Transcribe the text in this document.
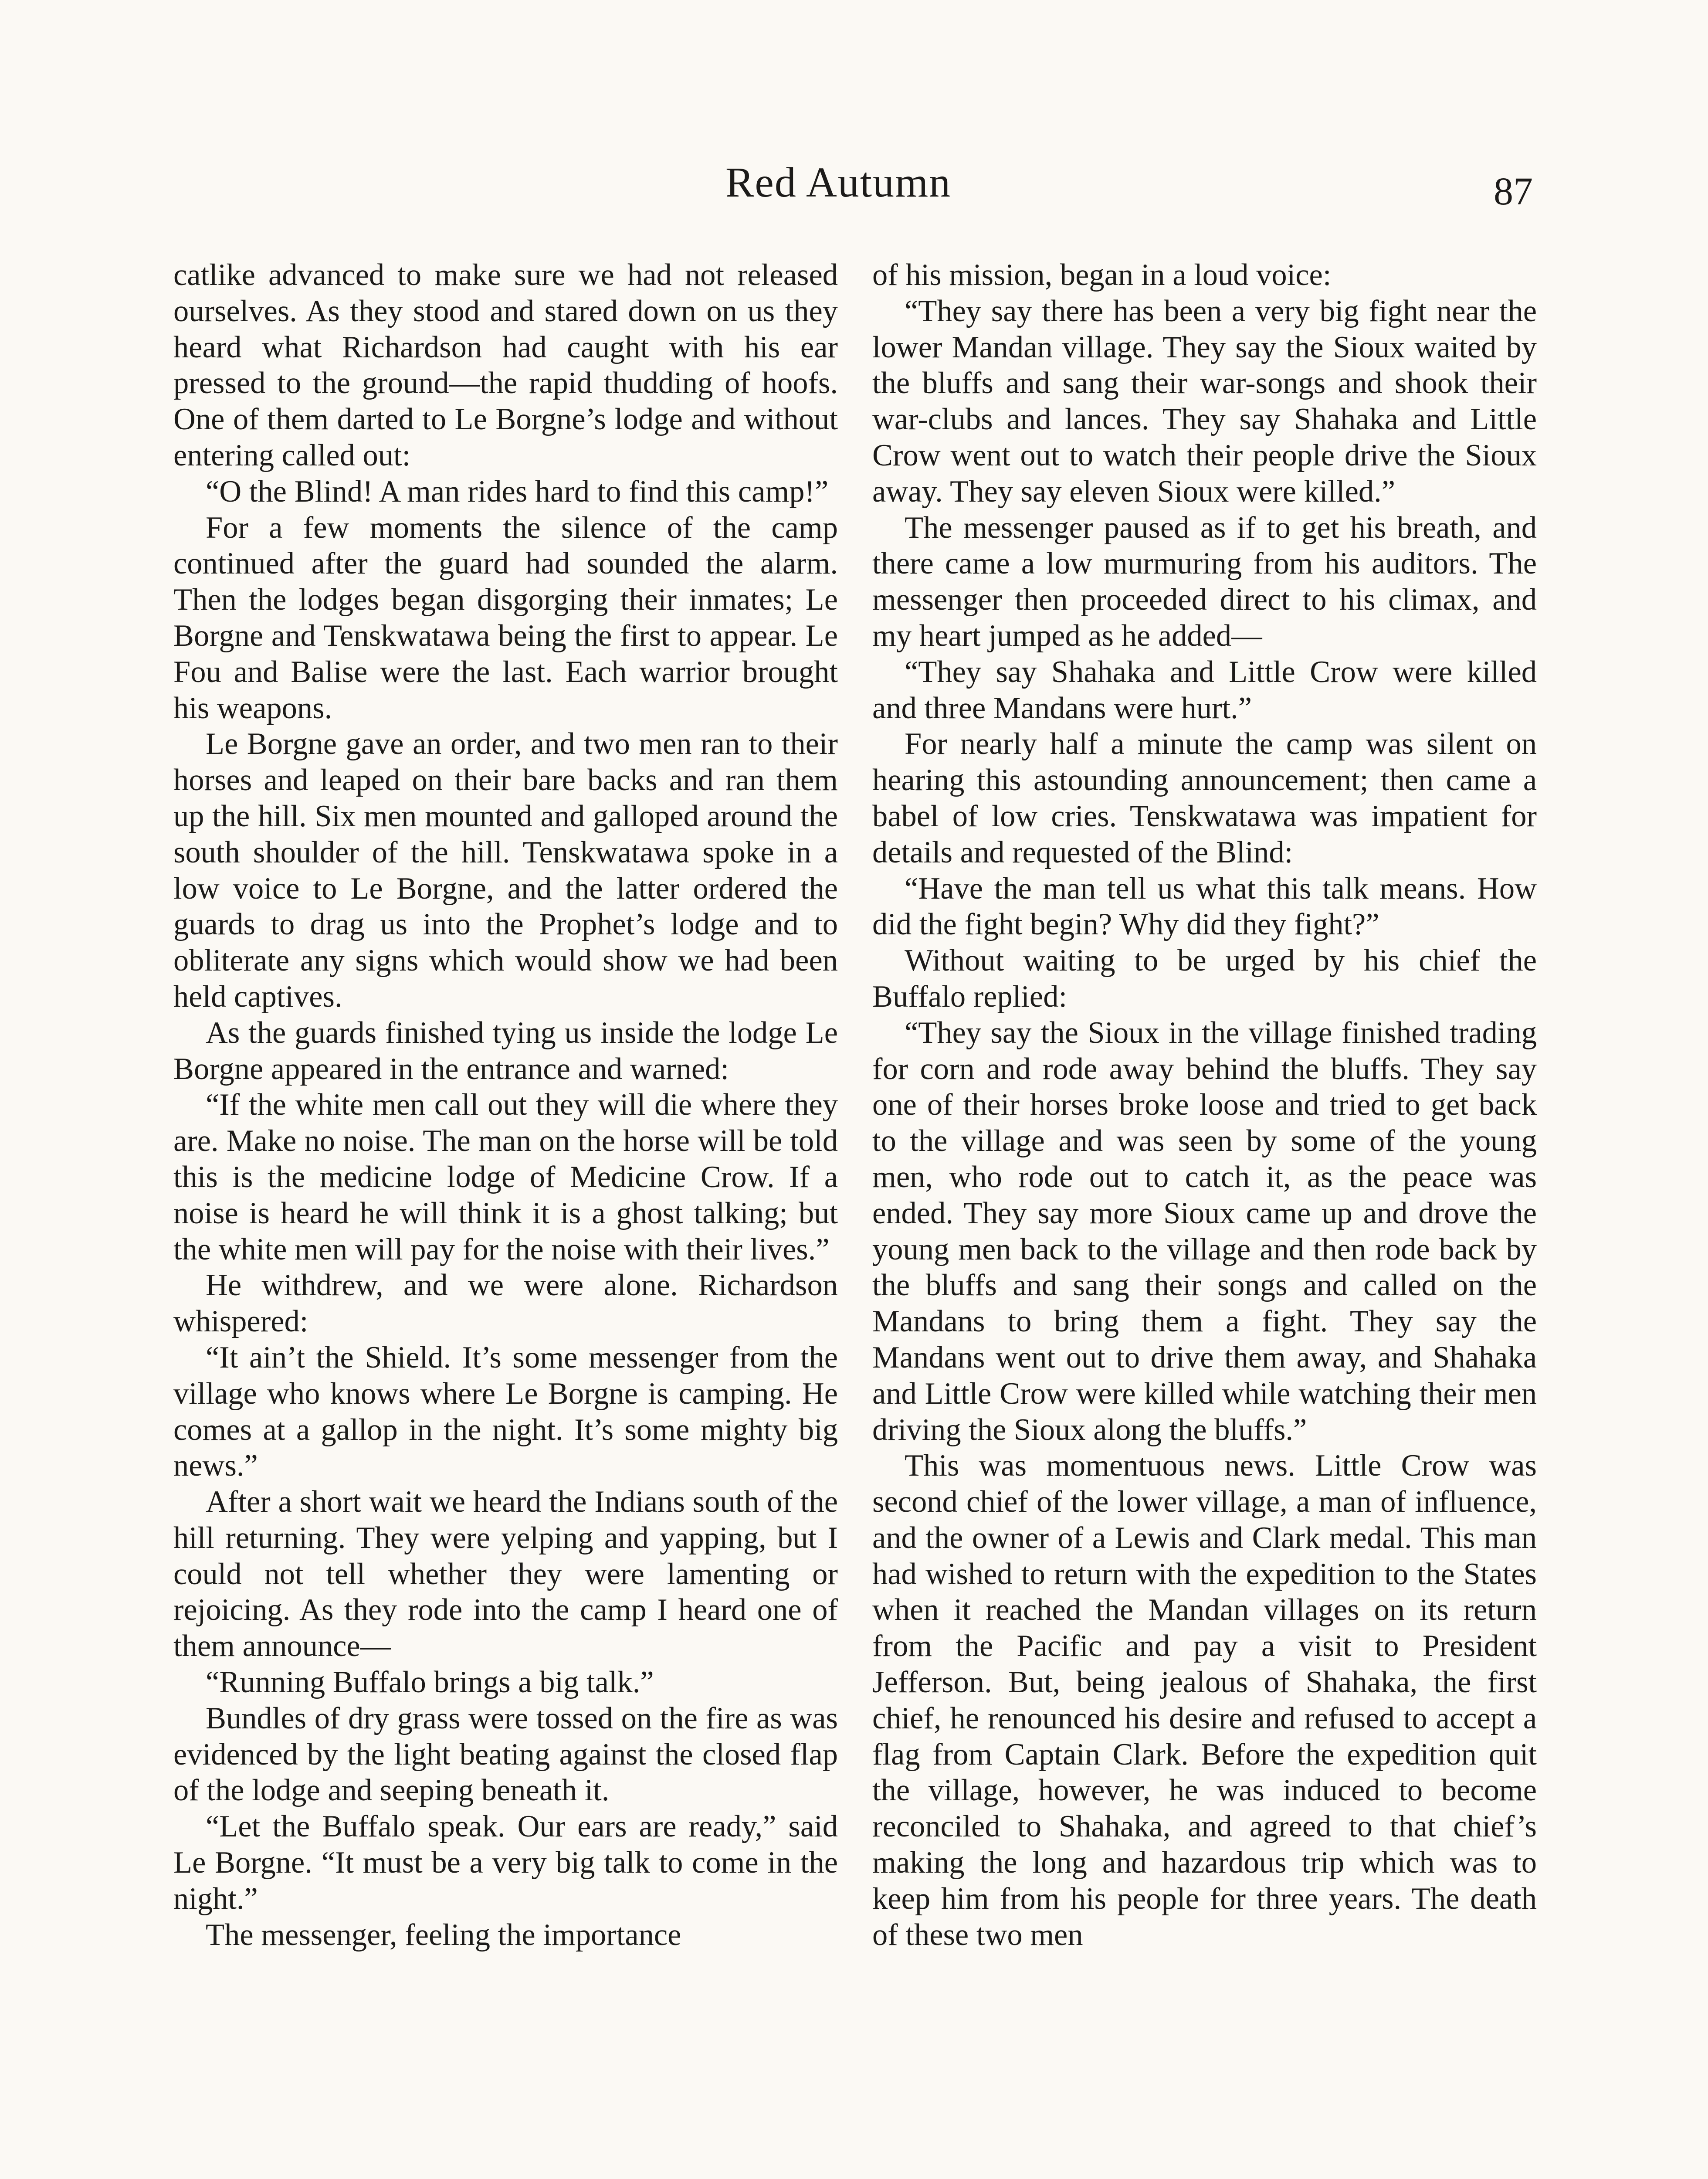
Red Autumn	87

catlike advanced to make sure we had not released ourselves. As they stood and stared down on us they heard what Richardson had caught with his ear pressed to the ground—the rapid thudding of hoofs. One of them darted to Le Borgne’s lodge and without entering called out:

“O the Blind! A man rides hard to find this camp!”

For a few moments the silence of the camp continued after the guard had sounded the alarm. Then the lodges began disgorging their inmates; Le Borgne and Tenskwatawa being the first to appear. Le Fou and Balise were the last. Each warrior brought his weapons.

Le Borgne gave an order, and two men ran to their horses and leaped on their bare backs and ran them up the hill. Six men mounted and galloped around the south shoulder of the hill. Tenskwatawa spoke in a low voice to Le Borgne, and the latter ordered the guards to drag us into the Prophet’s lodge and to obliterate any signs which would show we had been held captives.

As the guards finished tying us inside the lodge Le Borgne appeared in the entrance and warned:

“If the white men call out they will die where they are. Make no noise. The man on the horse will be told this is the medicine lodge of Medicine Crow. If a noise is heard he will think it is a ghost talking; but the white men will pay for the noise with their lives.”

He withdrew, and we were alone. Richardson whispered:

“It ain’t the Shield. It’s some messenger from the village who knows where Le Borgne is camping. He comes at a gallop in the night. It’s some mighty big news.”

After a short wait we heard the Indians south of the hill returning. They were yelping and yapping, but I could not tell whether they were lamenting or rejoicing. As they rode into the camp I heard one of them announce—

“Running Buffalo brings a big talk.”

Bundles of dry grass were tossed on the fire as was evidenced by the light beating against the closed flap of the lodge and seeping beneath it.

“Let the Buffalo speak. Our ears are ready,” said Le Borgne. “It must be a very big talk to come in the night.”

The messenger, feeling the importance

of his mission, began in a loud voice:

“They say there has been a very big fight near the lower Mandan village. They say the Sioux waited by the bluffs and sang their war-songs and shook their war-clubs and lances. They say Shahaka and Little Crow went out to watch their people drive the Sioux away. They say eleven Sioux were killed.”

The messenger paused as if to get his breath, and there came a low murmuring from his auditors. The messenger then proceeded direct to his climax, and my heart jumped as he added—

“They say Shahaka and Little Crow were killed and three Mandans were hurt.”

For nearly half a minute the camp was silent on hearing this astounding announcement; then came a babel of low cries. Tenskwatawa was impatient for details and requested of the Blind:

“Have the man tell us what this talk means. How did the fight begin? Why did they fight?”

Without waiting to be urged by his chief the Buffalo replied:

“They say the Sioux in the village finished trading for corn and rode away behind the bluffs. They say one of their horses broke loose and tried to get back to the village and was seen by some of the young men, who rode out to catch it, as the peace was ended. They say more Sioux came up and drove the young men back to the village and then rode back by the bluffs and sang their songs and called on the Mandans to bring them a fight. They say the Mandans went out to drive them away, and Shahaka and Little Crow were killed while watching their men driving the Sioux along the bluffs.”

This was momentuous news. Little Crow was second chief of the lower village, a man of influence, and the owner of a Lewis and Clark medal. This man had wished to return with the expedition to the States when it reached the Mandan villages on its return from the Pacific and pay a visit to President Jefferson. But, being jealous of Shahaka, the first chief, he renounced his desire and refused to accept a flag from Captain Clark. Before the expedition quit the village, however, he was induced to become reconciled to Shahaka, and agreed to that chief’s making the long and hazardous trip which was to keep him from his people for three years. The death of these two men
